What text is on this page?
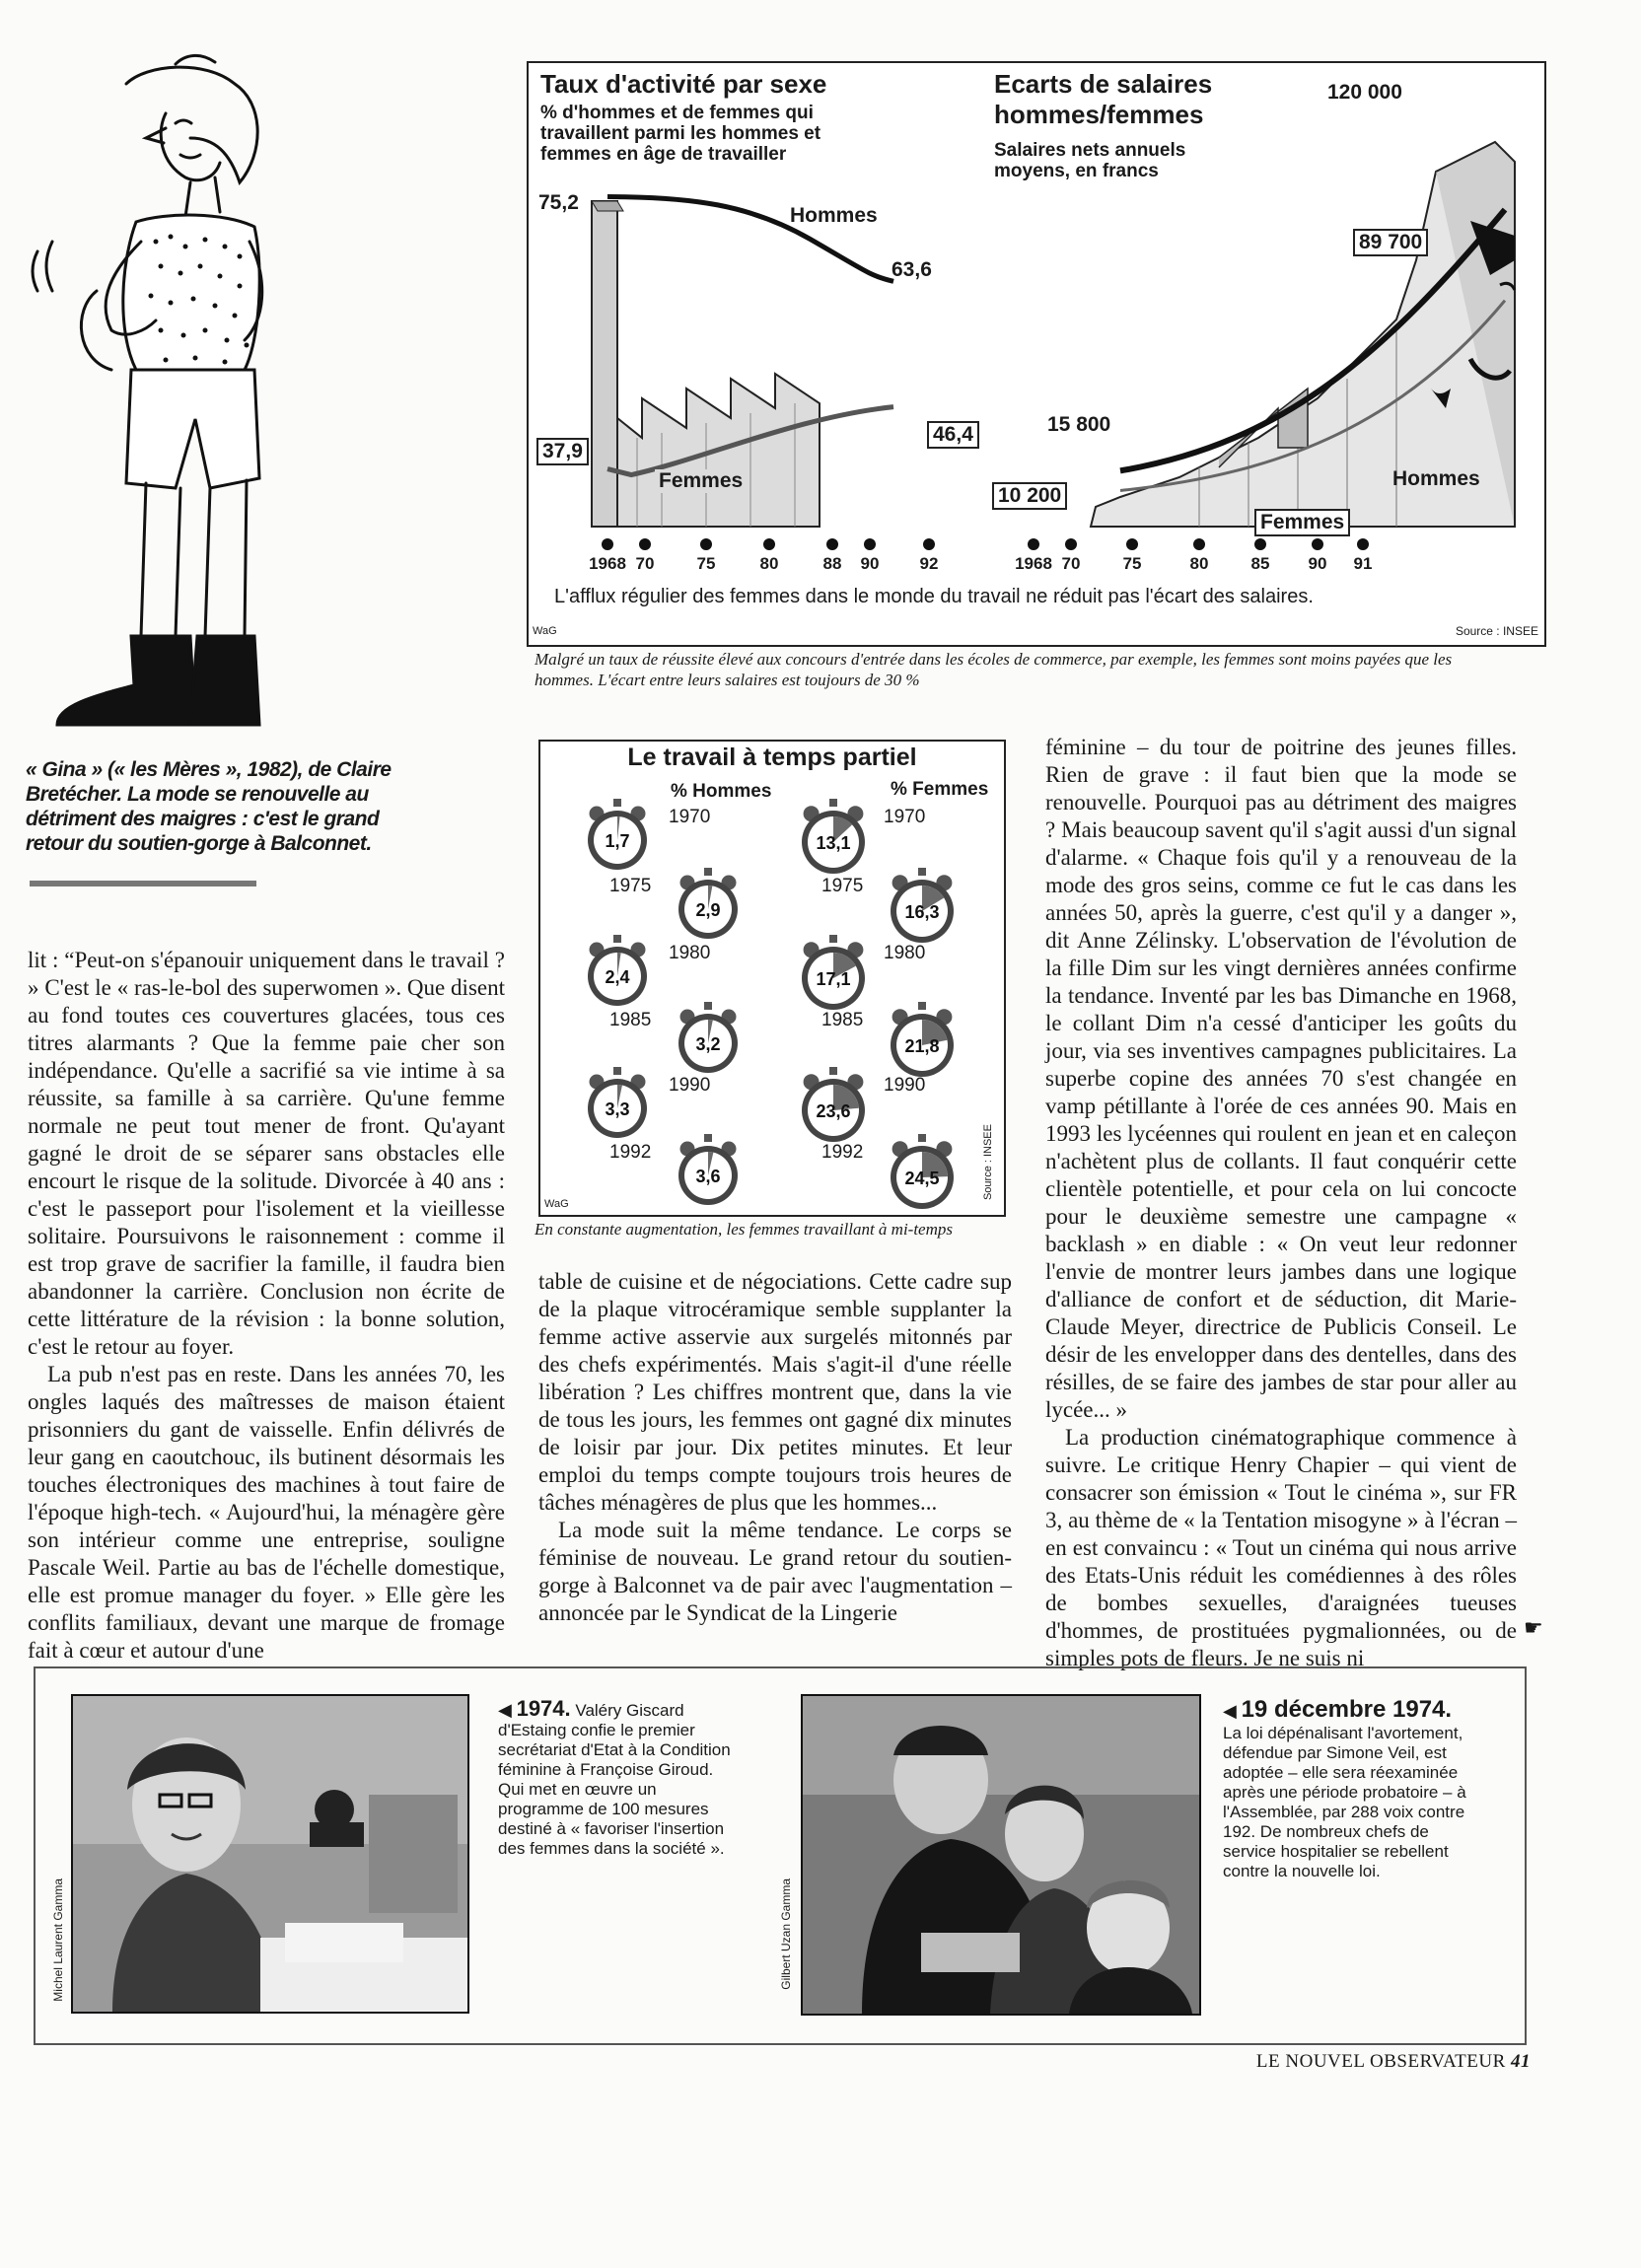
« Gina » (« les Mères », 1982), de Claire Bretécher. La mode se renouvelle au détriment des maigres : c'est le grand retour du soutien-gorge à Balconnet.
Taux d'activité par sexe
% d'hommes et de femmes qui travaillent parmi les hommes et femmes en âge de travailler
Ecarts de salaires hommes/femmes
Salaires nets annuels moyens, en francs
120 000
75,2
Hommes
63,6
37,9
46,4
Femmes
89 700
15 800
10 200
Hommes
Femmes
1968 70	75	80	88	90	92	1968 70	75	80	85	90	91
L'afflux régulier des femmes dans le monde du travail ne réduit pas l'écart des salaires.
WaG	Source : INSEE
Malgré un taux de réussite élevé aux concours d'entrée dans les écoles de commerce, par exemple, les femmes sont moins payées que les hommes. L'écart entre leurs salaires est toujours de 30 %
Le travail à temps partiel
% Hommes	% Femmes
1,7
1970
2,9
1975
2,4
1980
3,2
1985
3,3
1990
3,6
1992
13,1
1970
16,3
1975
17,1
1980
21,8
1985
23,6
1990
24,5
1992
WaG
Source : INSEE
En constante augmentation, les femmes travaillant à mi-temps

lit : “Peut-on s'épanouir uniquement dans le travail ? » C'est le « ras-le-bol des superwomen ». Que disent au fond toutes ces couvertures glacées, tous ces titres alarmants ? Que la femme paie cher son indépendance. Qu'elle a sacrifié sa vie intime à sa réussite, sa famille à sa carrière. Qu'une femme normale ne peut tout mener de front. Qu'ayant gagné le droit de se séparer sans obstacles elle encourt le risque de la solitude. Divorcée à 40 ans : c'est le passeport pour l'isolement et la vieillesse solitaire. Poursuivons le raisonnement : comme il est trop grave de sacrifier la famille, il faudra bien abandonner la carrière. Conclusion non écrite de cette littérature de la révision : la bonne solution, c'est le retour au foyer.

La pub n'est pas en reste. Dans les années 70, les ongles laqués des maîtresses de maison étaient prisonniers du gant de vaisselle. Enfin délivrés de leur gang en caoutchouc, ils butinent désormais les touches électroniques des machines à tout faire de l'époque high-tech. « Aujourd'hui, la ménagère gère son intérieur comme une entreprise, souligne Pascale Weil. Partie au bas de l'échelle domestique, elle est promue manager du foyer. » Elle gère les conflits familiaux, devant une marque de fromage fait à cœur et autour d'une

table de cuisine et de négociations. Cette cadre sup de la plaque vitrocéramique semble supplanter la femme active asservie aux surgelés mitonnés par des chefs expérimentés. Mais s'agit-il d'une réelle libération ? Les chiffres montrent que, dans la vie de tous les jours, les femmes ont gagné dix minutes de loisir par jour. Dix petites minutes. Et leur emploi du temps compte toujours trois heures de tâches ménagères de plus que les hommes...

La mode suit la même tendance. Le corps se féminise de nouveau. Le grand retour du soutien-gorge à Balconnet va de pair avec l'augmentation – annoncée par le Syndicat de la Lingerie

féminine – du tour de poitrine des jeunes filles. Rien de grave : il faut bien que la mode se renouvelle. Pourquoi pas au détriment des maigres ? Mais beaucoup savent qu'il s'agit aussi d'un signal d'alarme. « Chaque fois qu'il y a renouveau de la mode des gros seins, comme ce fut le cas dans les années 50, après la guerre, c'est qu'il y a danger », dit Anne Zélinsky. L'observation de l'évolution de la fille Dim sur les vingt dernières années confirme la tendance. Inventé par les bas Dimanche en 1968, le collant Dim n'a cessé d'anticiper les goûts du jour, via ses inventives campagnes publicitaires. La superbe copine des années 70 s'est changée en vamp pétillante à l'orée de ces années 90. Mais en 1993 les lycéennes qui roulent en jean et en caleçon n'achètent plus de collants. Il faut conquérir cette clientèle potentielle, et pour cela on lui concocte pour le deuxième semestre une campagne « backlash » en diable : « On veut leur redonner l'envie de montrer leurs jambes dans une logique d'alliance de confort et de séduction, dit Marie-Claude Meyer, directrice de Publicis Conseil. Le désir de les envelopper dans des dentelles, dans des résilles, de se faire des jambes de star pour aller au lycée... »

La production cinématographique commence à suivre. Le critique Henry Chapier – qui vient de consacrer son émission « Tout le cinéma », sur FR 3, au thème de « la Tentation misogyne » à l'écran – en est convaincu : « Tout un cinéma qui nous arrive des Etats-Unis réduit les comédiennes à des rôles de bombes sexuelles, d'araignées tueuses d'hommes, de prostituées pygmalionnées, ou de simples pots de fleurs. Je ne suis ni

☛
Michel Laurent Gamma
◀ 1974. Valéry Giscard d'Estaing confie le premier secrétariat d'Etat à la Condition féminine à Françoise Giroud. Qui met en œuvre un programme de 100 mesures destiné à « favoriser l'insertion des femmes dans la société ».
Gilbert Uzan Gamma
◀ 19 décembre 1974. La loi dépénalisant l'avortement, défendue par Simone Veil, est adoptée – elle sera réexaminée après une période probatoire – à l'Assemblée, par 288 voix contre 192. De nombreux chefs de service hospitalier se rebellent contre la nouvelle loi.
LE NOUVEL OBSERVATEUR 41
